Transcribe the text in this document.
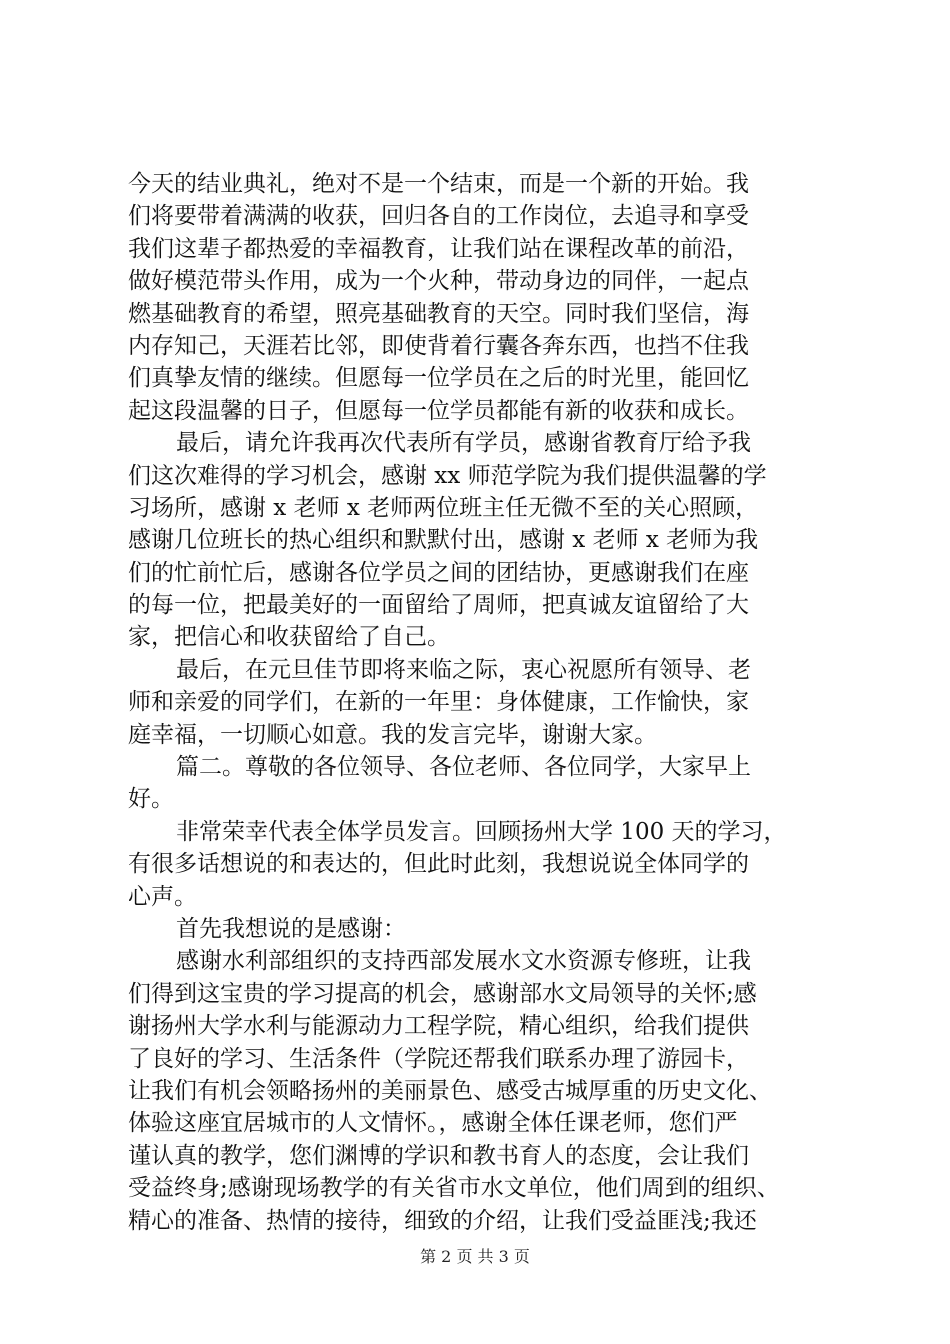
今天的结业典礼，绝对不是一个结束，而是一个新的开始。我
们将要带着满满的收获，回归各自的工作岗位，去追寻和享受
我们这辈子都热爱的幸福教育，让我们站在课程改革的前沿，
做好模范带头作用，成为一个火种，带动身边的同伴，一起点
燃基础教育的希望，照亮基础教育的天空。同时我们坚信，海
内存知己，天涯若比邻，即使背着行囊各奔东西，也挡不住我
们真挚友情的继续。但愿每一位学员在之后的时光里，能回忆
起这段温馨的日子，但愿每一位学员都能有新的收获和成长。
最后，请允许我再次代表所有学员，感谢省教育厅给予我
们这次难得的学习机会，感谢 xx 师范学院为我们提供温馨的学
习场所，感谢 x 老师 x 老师两位班主任无微不至的关心照顾，
感谢几位班长的热心组织和默默付出，感谢 x 老师 x 老师为我
们的忙前忙后，感谢各位学员之间的团结协，更感谢我们在座
的每一位，把最美好的一面留给了周师，把真诚友谊留给了大
家，把信心和收获留给了自己。
最后，在元旦佳节即将来临之际，衷心祝愿所有领导、老
师和亲爱的同学们，在新的一年里：身体健康，工作愉快，家
庭幸福，一切顺心如意。我的发言完毕，谢谢大家。
篇二。尊敬的各位领导、各位老师、各位同学，大家早上
好。
非常荣幸代表全体学员发言。回顾扬州大学 100 天的学习，
有很多话想说的和表达的，但此时此刻，我想说说全体同学的
心声。
首先我想说的是感谢：
感谢水利部组织的支持西部发展水文水资源专修班，让我
们得到这宝贵的学习提高的机会，感谢部水文局领导的关怀;感
谢扬州大学水利与能源动力工程学院，精心组织，给我们提供
了良好的学习、生活条件（学院还帮我们联系办理了游园卡，
让我们有机会领略扬州的美丽景色、感受古城厚重的历史文化、
体验这座宜居城市的人文情怀。，感谢全体任课老师，您们严
谨认真的教学，您们渊博的学识和教书育人的态度，会让我们
受益终身;感谢现场教学的有关省市水文单位，他们周到的组织、
精心的准备、热情的接待，细致的介绍，让我们受益匪浅;我还
第 2 页 共 3 页
